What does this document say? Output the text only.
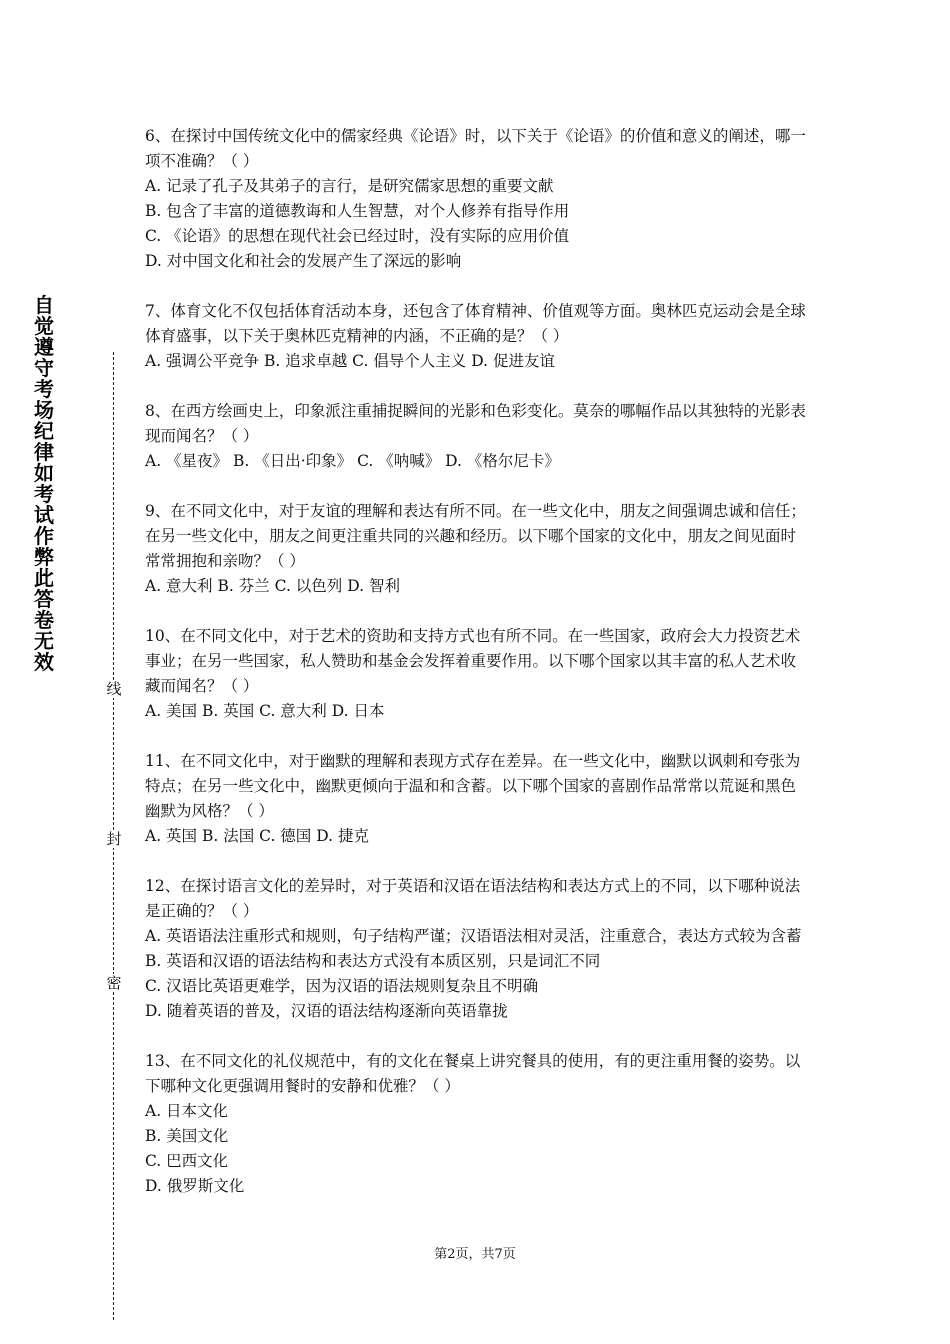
自
觉
遵
守
考
场
纪
律
如
考
试
作
弊
此
答
卷
无
效
线
封
密

6、在探讨中国传统文化中的儒家经典《论语》时，以下关于《论语》的价值和意义的阐述，哪一项不准确？（ ）

A. 记录了孔子及其弟子的言行，是研究儒家思想的重要文献

B. 包含了丰富的道德教诲和人生智慧，对个人修养有指导作用

C. 《论语》的思想在现代社会已经过时，没有实际的应用价值

D. 对中国文化和社会的发展产生了深远的影响

7、体育文化不仅包括体育活动本身，还包含了体育精神、价值观等方面。奥林匹克运动会是全球体育盛事，以下关于奥林匹克精神的内涵，不正确的是？（ ）

A. 强调公平竞争 B. 追求卓越 C. 倡导个人主义 D. 促进友谊

8、在西方绘画史上，印象派注重捕捉瞬间的光影和色彩变化。莫奈的哪幅作品以其独特的光影表现而闻名？（ ）

A. 《星夜》 B. 《日出·印象》 C. 《呐喊》 D. 《格尔尼卡》

9、在不同文化中，对于友谊的理解和表达有所不同。在一些文化中，朋友之间强调忠诚和信任；在另一些文化中，朋友之间更注重共同的兴趣和经历。以下哪个国家的文化中，朋友之间见面时常常拥抱和亲吻？（ ）

A. 意大利 B. 芬兰 C. 以色列 D. 智利

10、在不同文化中，对于艺术的资助和支持方式也有所不同。在一些国家，政府会大力投资艺术事业；在另一些国家，私人赞助和基金会发挥着重要作用。以下哪个国家以其丰富的私人艺术收藏而闻名？（ ）

A. 美国 B. 英国 C. 意大利 D. 日本

11、在不同文化中，对于幽默的理解和表现方式存在差异。在一些文化中，幽默以讽刺和夸张为特点；在另一些文化中，幽默更倾向于温和和含蓄。以下哪个国家的喜剧作品常常以荒诞和黑色幽默为风格？（ ）

A. 英国 B. 法国 C. 德国 D. 捷克

12、在探讨语言文化的差异时，对于英语和汉语在语法结构和表达方式上的不同，以下哪种说法是正确的？（ ）

A. 英语语法注重形式和规则，句子结构严谨；汉语语法相对灵活，注重意合，表达方式较为含蓄

B. 英语和汉语的语法结构和表达方式没有本质区别，只是词汇不同

C. 汉语比英语更难学，因为汉语的语法规则复杂且不明确

D. 随着英语的普及，汉语的语法结构逐渐向英语靠拢

13、在不同文化的礼仪规范中，有的文化在餐桌上讲究餐具的使用，有的更注重用餐的姿势。以下哪种文化更强调用餐时的安静和优雅？（ ）

A. 日本文化

B. 美国文化

C. 巴西文化

D. 俄罗斯文化

第2页，共7页
